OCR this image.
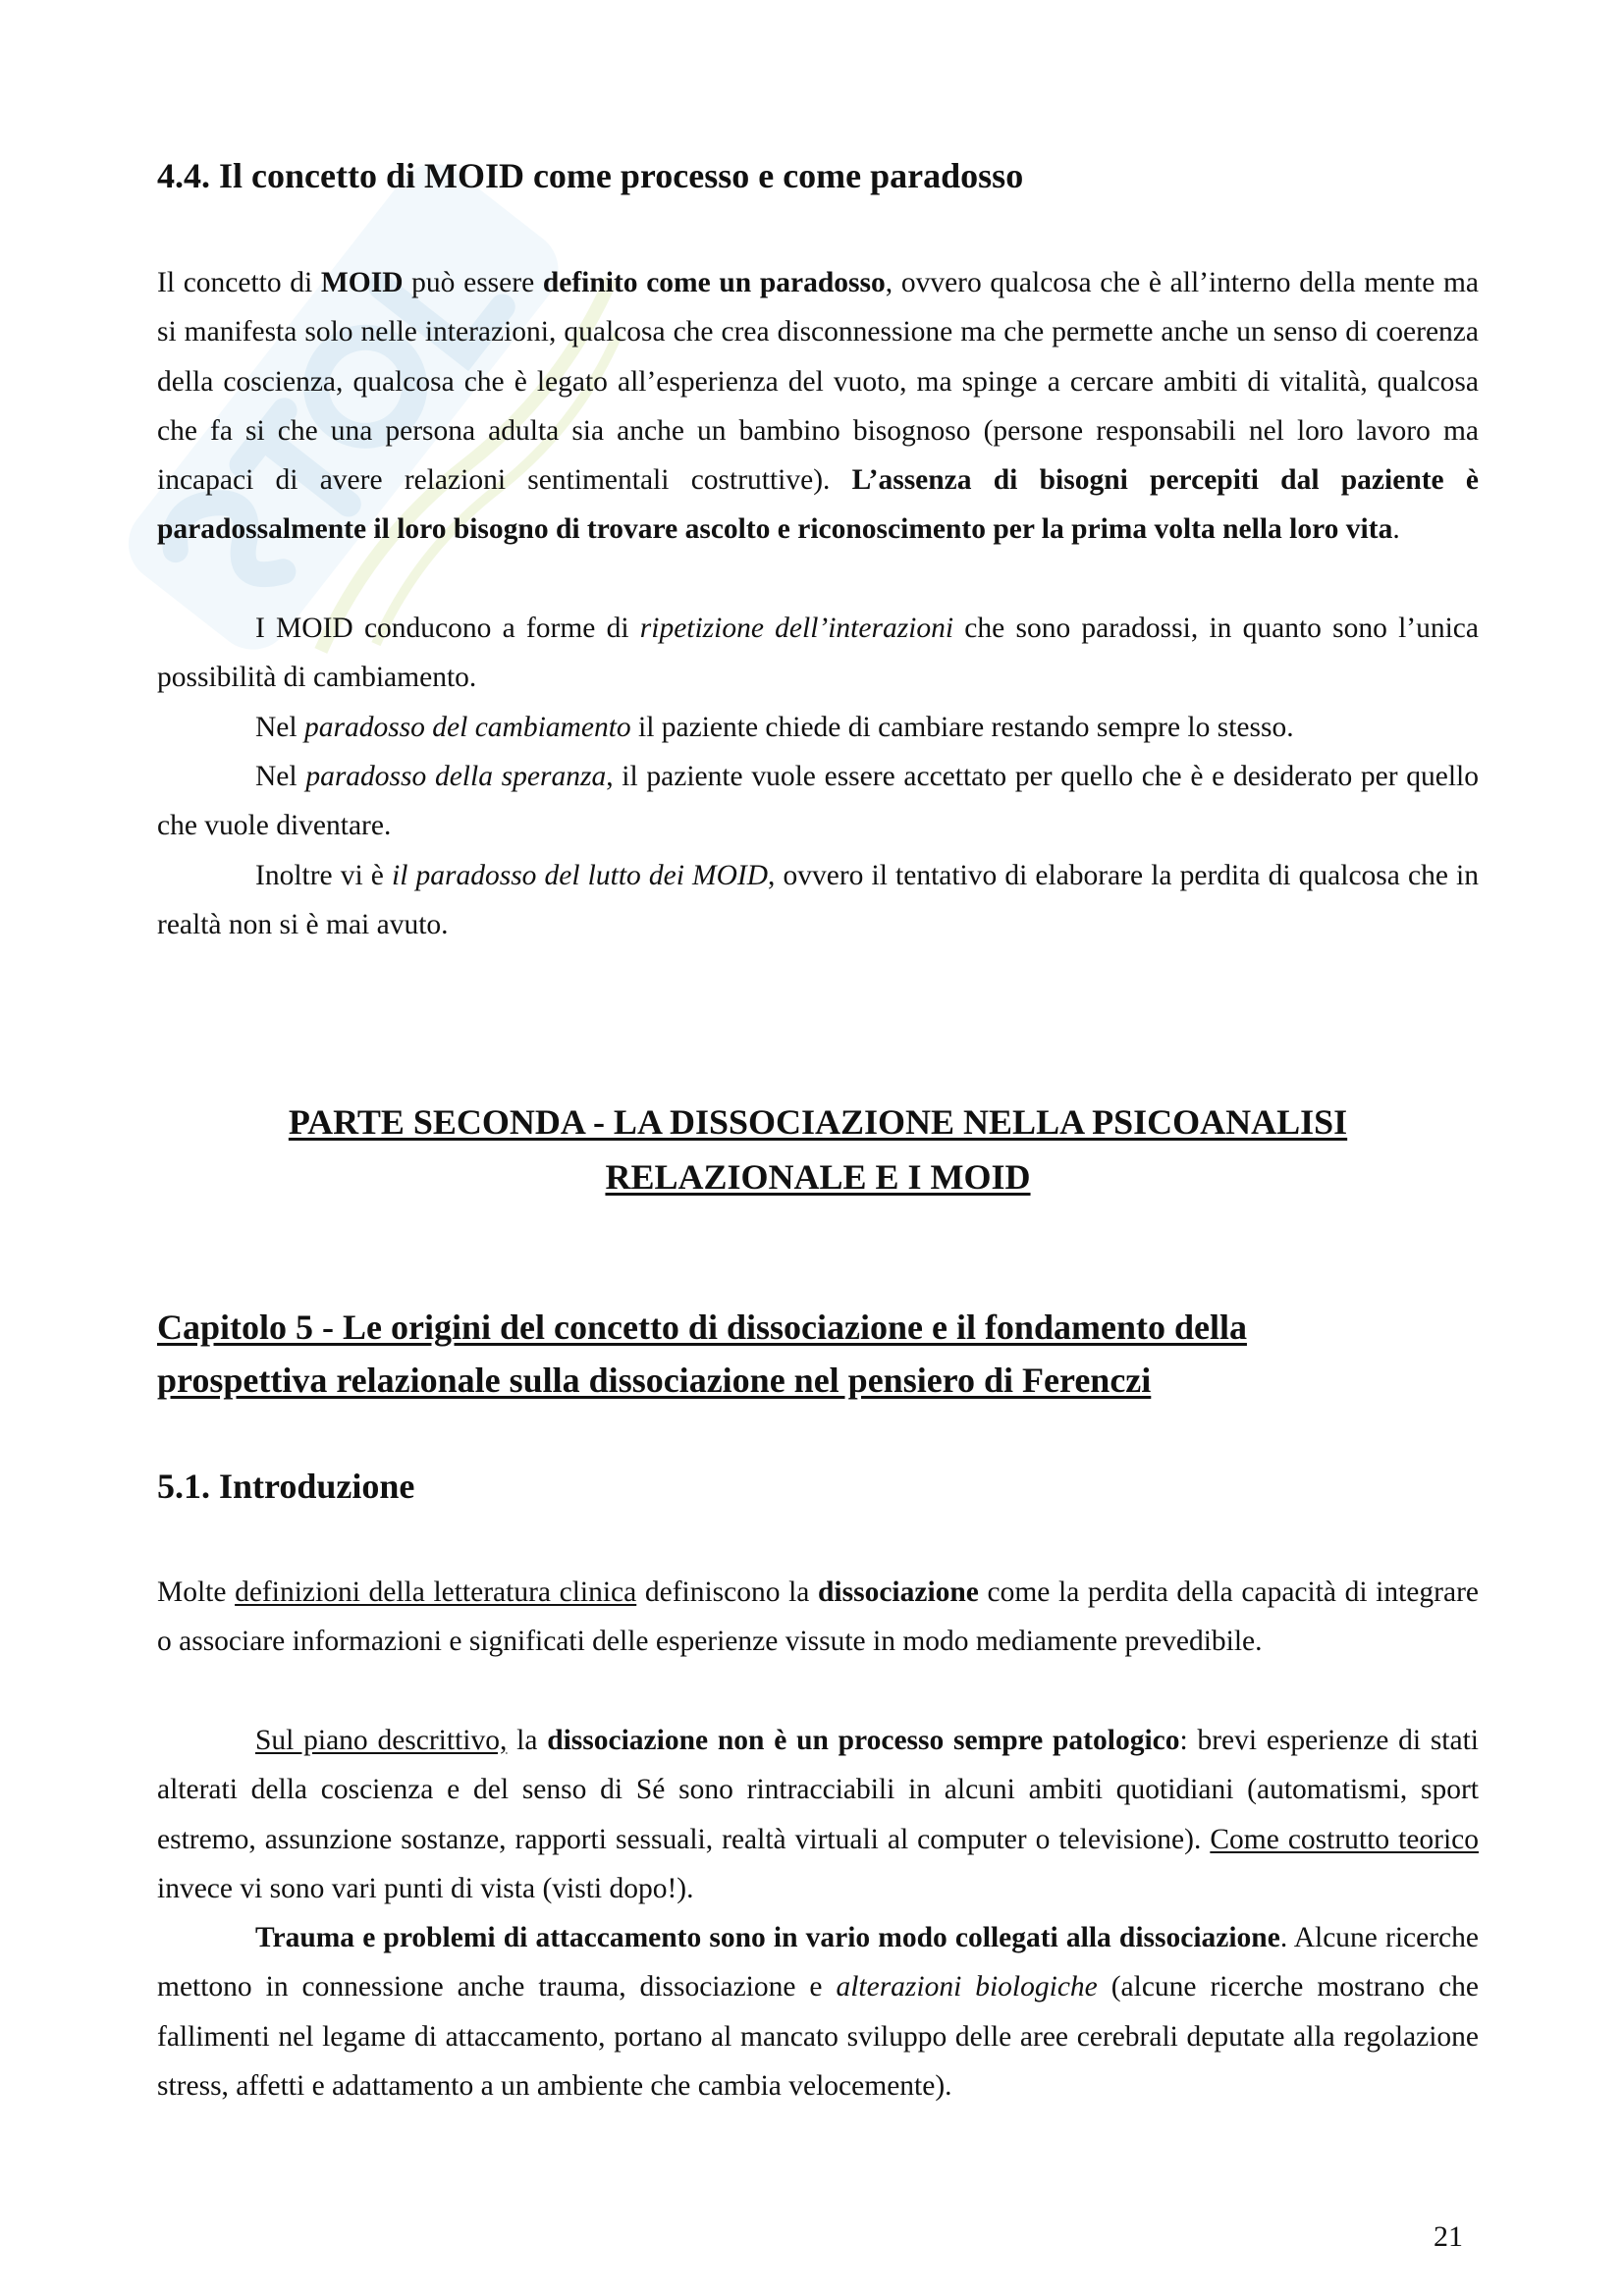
4.4. Il concetto di MOID come processo e come paradosso

Il concetto di MOID può essere definito come un paradosso, ovvero qualcosa che è all’interno della mente ma si manifesta solo nelle interazioni, qualcosa che crea disconnessione ma che permette anche un senso di coerenza della coscienza, qualcosa che è legato all’esperienza del vuoto, ma spinge a cercare ambiti di vitalità, qualcosa che fa si che una persona adulta sia anche un bambino bisognoso (persone responsabili nel loro lavoro ma incapaci di avere relazioni sentimentali costruttive). L’assenza di bisogni percepiti dal paziente è paradossalmente il loro bisogno di trovare ascolto e riconoscimento per la prima volta nella loro vita.

I MOID conducono a forme di ripetizione dell’interazioni che sono paradossi, in quanto sono l’unica possibilità di cambiamento.

Nel paradosso del cambiamento il paziente chiede di cambiare restando sempre lo stesso.

Nel paradosso della speranza, il paziente vuole essere accettato per quello che è e desiderato per quello che vuole diventare.

Inoltre vi è il paradosso del lutto dei MOID, ovvero il tentativo di elaborare la perdita di qualcosa che in realtà non si è mai avuto.

PARTE SECONDA - LA DISSOCIAZIONE NELLA PSICOANALISI
RELAZIONALE E I MOID
Capitolo 5 - Le origini del concetto di dissociazione e il fondamento della
prospettiva relazionale sulla dissociazione nel pensiero di Ferenczi
5.1. Introduzione

Molte definizioni della letteratura clinica definiscono la dissociazione come la perdita della capacità di integrare o associare informazioni e significati delle esperienze vissute in modo mediamente prevedibile.

Sul piano descrittivo, la dissociazione non è un processo sempre patologico: brevi esperienze di stati alterati della coscienza e del senso di Sé sono rintracciabili in alcuni ambiti quotidiani (automatismi, sport estremo, assunzione sostanze, rapporti sessuali, realtà virtuali al computer o televisione). Come costrutto teorico invece vi sono vari punti di vista (visti dopo!).

Trauma e problemi di attaccamento sono in vario modo collegati alla dissociazione. Alcune ricerche mettono in connessione anche trauma, dissociazione e alterazioni biologiche (alcune ricerche mostrano che fallimenti nel legame di attaccamento, portano al mancato sviluppo delle aree cerebrali deputate alla regolazione stress, affetti e adattamento a un ambiente che cambia velocemente).

21
